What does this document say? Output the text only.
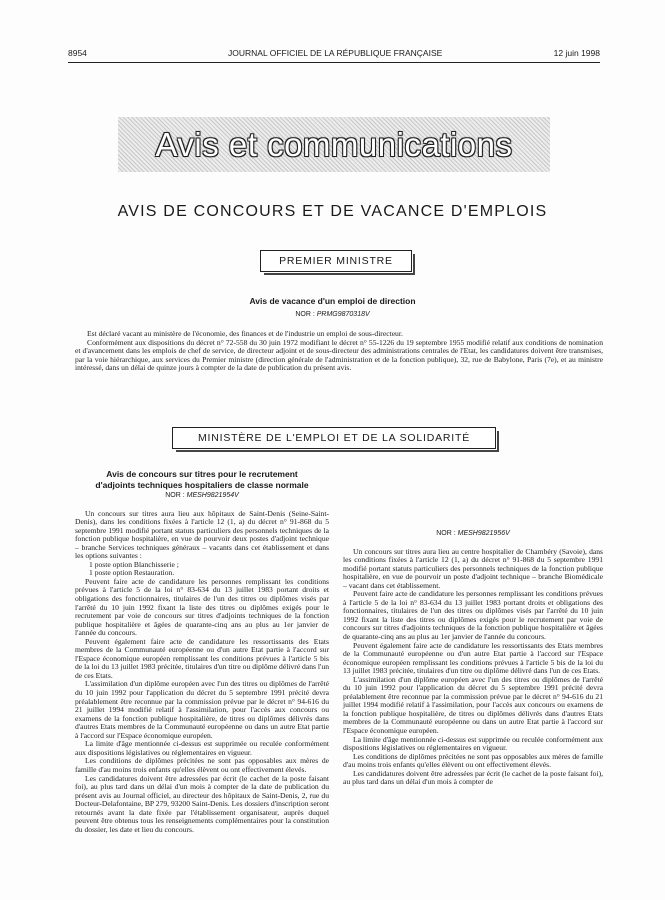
8954	JOURNAL OFFICIEL DE LA RÉPUBLIQUE FRANÇAISE	12 juin 1998
Avis et communications
AVIS DE CONCOURS ET DE VACANCE D'EMPLOIS
PREMIER MINISTRE
Avis de vacance d'un emploi de direction
NOR : PRMG9870318V

Est déclaré vacant au ministère de l'économie, des finances et de l'industrie un emploi de sous-directeur.

Conformément aux dispositions du décret n° 72-558 du 30 juin 1972 modifiant le décret n° 55-1226 du 19 septembre 1955 modifié relatif aux conditions de nomination et d'avancement dans les emplois de chef de service, de directeur adjoint et de sous-directeur des administrations centrales de l'Etat, les candidatures doivent être transmises, par la voie hiérarchique, aux services du Premier ministre (direction générale de l'administration et de la fonction publique), 32, rue de Babylone, Paris (7e), et au ministre intéressé, dans un délai de quinze jours à compter de la date de publication du présent avis.

MINISTÈRE DE L'EMPLOI ET DE LA SOLIDARITÉ
Avis de concours sur titres pour le recrutement
d'adjoints techniques hospitaliers de classe normale
NOR : MESH9821954V

Un concours sur titres aura lieu aux hôpitaux de Saint-Denis (Seine-Saint-Denis), dans les conditions fixées à l'article 12 (1, a) du décret n° 91-868 du 5 septembre 1991 modifié portant statuts particuliers des personnels techniques de la fonction publique hospitalière, en vue de pourvoir deux postes d'adjoint technique – branche Services techniques généraux – vacants dans cet établissement et dans les options suivantes :

1 poste option Blanchisserie ;

1 poste option Restauration.

Peuvent faire acte de candidature les personnes remplissant les conditions prévues à l'article 5 de la loi n° 83-634 du 13 juillet 1983 portant droits et obligations des fonctionnaires, titulaires de l'un des titres ou diplômes visés par l'arrêté du 10 juin 1992 fixant la liste des titres ou diplômes exigés pour le recrutement par voie de concours sur titres d'adjoints techniques de la fonction publique hospitalière et âgées de quarante-cinq ans au plus au 1er janvier de l'année du concours.

Peuvent également faire acte de candidature les ressortissants des Etats membres de la Communauté européenne ou d'un autre Etat partie à l'accord sur l'Espace économique européen remplissant les conditions prévues à l'article 5 bis de la loi du 13 juillet 1983 précitée, titulaires d'un titre ou diplôme délivré dans l'un de ces Etats.

L'assimilation d'un diplôme européen avec l'un des titres ou diplômes de l'arrêté du 10 juin 1992 pour l'application du décret du 5 septembre 1991 précité devra préalablement être reconnue par la commission prévue par le décret n° 94-616 du 21 juillet 1994 modifié relatif à l'assimilation, pour l'accès aux concours ou examens de la fonction publique hospitalière, de titres ou diplômes délivrés dans d'autres Etats membres de la Communauté européenne ou dans un autre Etat partie à l'accord sur l'Espace économique européen.

La limite d'âge mentionnée ci-dessus est supprimée ou reculée conformément aux dispositions législatives ou réglementaires en vigueur.

Les conditions de diplômes précitées ne sont pas opposables aux mères de famille d'au moins trois enfants qu'elles élèvent ou ont effectivement élevés.

Les candidatures doivent être adressées par écrit (le cachet de la poste faisant foi), au plus tard dans un délai d'un mois à compter de la date de publication du présent avis au Journal officiel, au directeur des hôpitaux de Saint-Denis, 2, rue du Docteur-Delafontaine, BP 279, 93200 Saint-Denis. Les dossiers d'inscription seront retournés avant la date fixée par l'établissement organisateur, auprès duquel peuvent être obtenus tous les renseignements complémentaires pour la constitution du dossier, les date et lieu du concours.

NOR : MESH9821956V

Un concours sur titres aura lieu au centre hospitalier de Chambéry (Savoie), dans les conditions fixées à l'article 12 (1, a) du décret n° 91-868 du 5 septembre 1991 modifié portant statuts particuliers des personnels techniques de la fonction publique hospitalière, en vue de pourvoir un poste d'adjoint technique – branche Biomédicale – vacant dans cet établissement.

Peuvent faire acte de candidature les personnes remplissant les conditions prévues à l'article 5 de la loi n° 83-634 du 13 juillet 1983 portant droits et obligations des fonctionnaires, titulaires de l'un des titres ou diplômes visés par l'arrêté du 10 juin 1992 fixant la liste des titres ou diplômes exigés pour le recrutement par voie de concours sur titres d'adjoints techniques de la fonction publique hospitalière et âgées de quarante-cinq ans au plus au 1er janvier de l'année du concours.

Peuvent également faire acte de candidature les ressortissants des Etats membres de la Communauté européenne ou d'un autre Etat partie à l'accord sur l'Espace économique européen remplissant les conditions prévues à l'article 5 bis de la loi du 13 juillet 1983 précitée, titulaires d'un titre ou diplôme délivré dans l'un de ces Etats.

L'assimilation d'un diplôme européen avec l'un des titres ou diplômes de l'arrêté du 10 juin 1992 pour l'application du décret du 5 septembre 1991 précité devra préalablement être reconnue par la commission prévue par le décret n° 94-616 du 21 juillet 1994 modifié relatif à l'assimilation, pour l'accès aux concours ou examens de la fonction publique hospitalière, de titres ou diplômes délivrés dans d'autres Etats membres de la Communauté européenne ou dans un autre Etat partie à l'accord sur l'Espace économique européen.

La limite d'âge mentionnée ci-dessus est supprimée ou reculée conformément aux dispositions législatives ou réglementaires en vigueur.

Les conditions de diplômes précitées ne sont pas opposables aux mères de famille d'au moins trois enfants qu'elles élèvent ou ont effectivement élevés.

Les candidatures doivent être adressées par écrit (le cachet de la poste faisant foi), au plus tard dans un délai d'un mois à compter de
